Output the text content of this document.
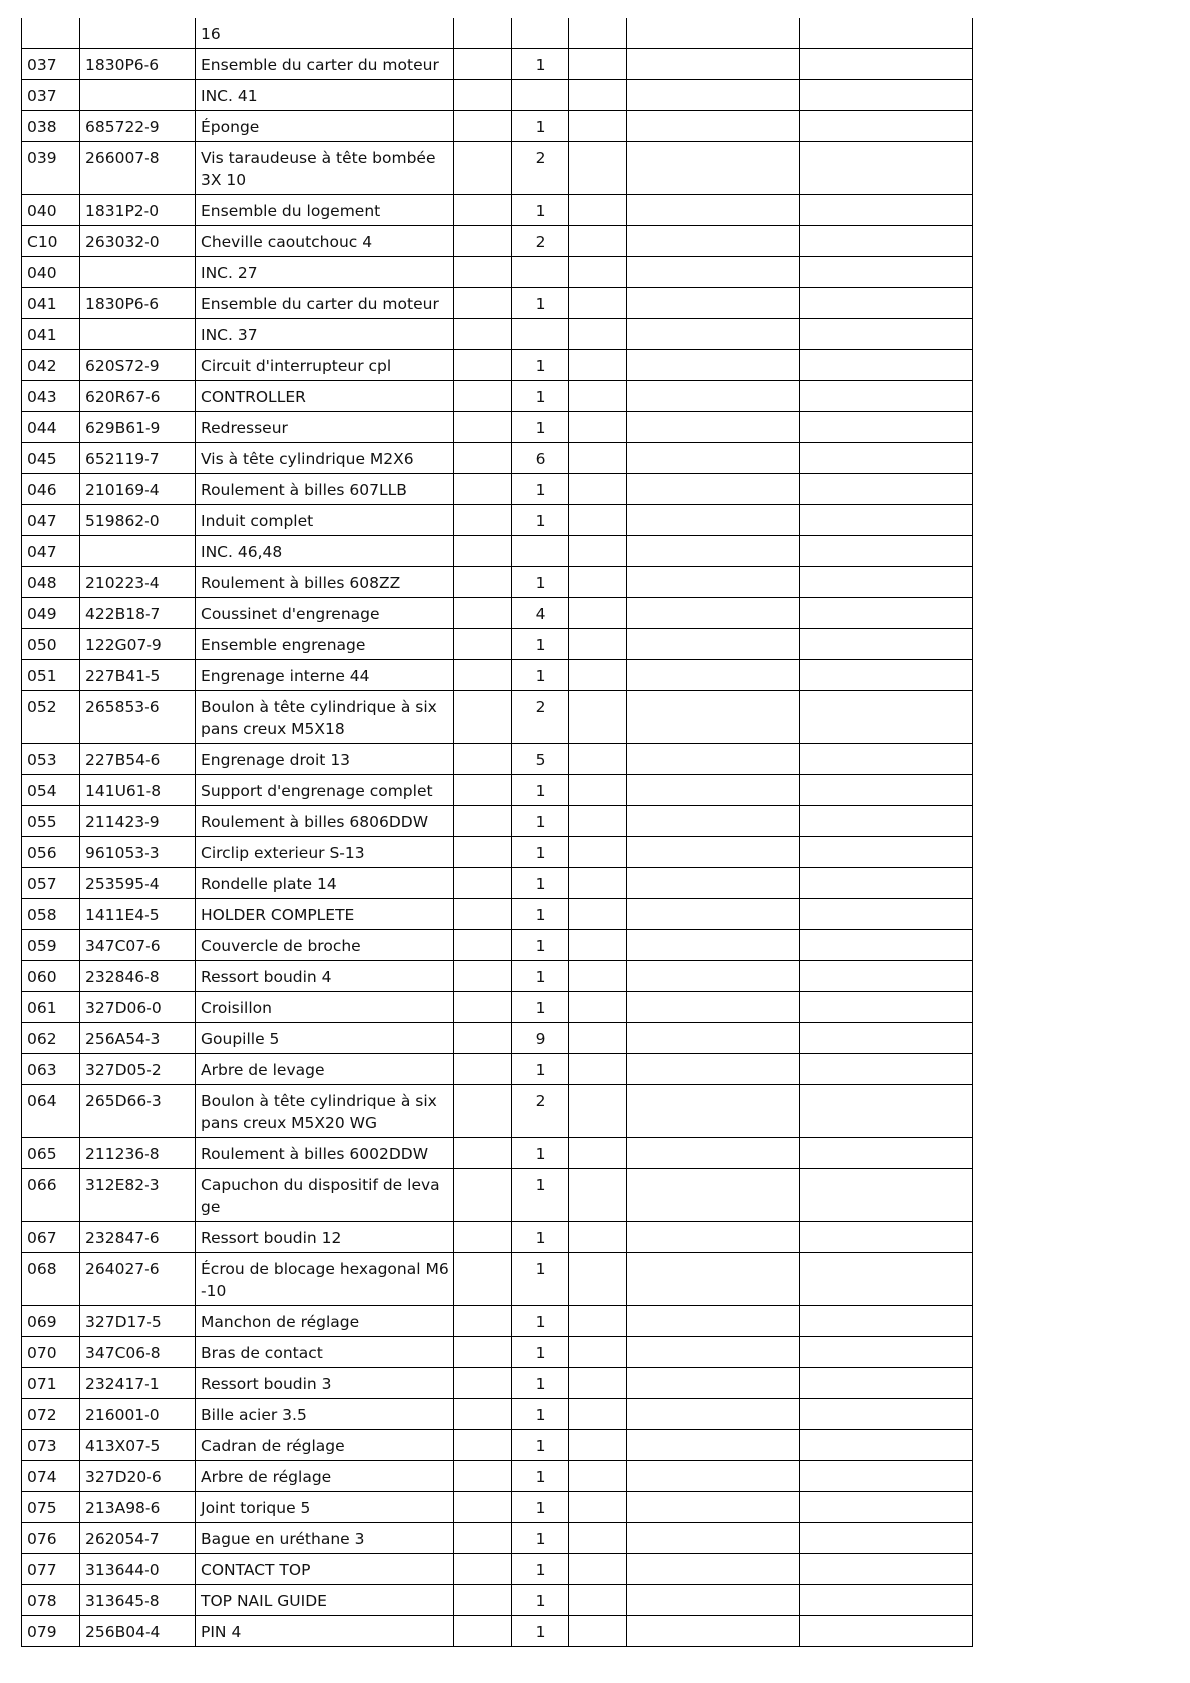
		16					
037	1830P6-6	Ensemble du carter du moteur		1			
037		INC. 41					
038	685722-9	Éponge		1			
039	266007-8	Vis taraudeuse à tête bombée 3X 10		2			
040	1831P2-0	Ensemble du logement		1			
C10	263032-0	Cheville caoutchouc 4		2			
040		INC. 27					
041	1830P6-6	Ensemble du carter du moteur		1			
041		INC. 37					
042	620S72-9	Circuit d'interrupteur cpl		1			
043	620R67-6	CONTROLLER		1			
044	629B61-9	Redresseur		1			
045	652119-7	Vis à tête cylindrique M2X6		6			
046	210169-4	Roulement à billes 607LLB		1			
047	519862-0	Induit complet		1			
047		INC. 46,48					
048	210223-4	Roulement à billes 608ZZ		1			
049	422B18-7	Coussinet d'engrenage		4			
050	122G07-9	Ensemble engrenage		1			
051	227B41-5	Engrenage interne 44		1			
052	265853-6	Boulon à tête cylindrique à six pans creux M5X18		2			
053	227B54-6	Engrenage droit 13		5			
054	141U61-8	Support d'engrenage complet		1			
055	211423-9	Roulement à billes 6806DDW		1			
056	961053-3	Circlip exterieur S-13		1			
057	253595-4	Rondelle plate 14		1			
058	1411E4-5	HOLDER COMPLETE		1			
059	347C07-6	Couvercle de broche		1			
060	232846-8	Ressort boudin 4		1			
061	327D06-0	Croisillon		1			
062	256A54-3	Goupille 5		9			
063	327D05-2	Arbre de levage		1			
064	265D66-3	Boulon à tête cylindrique à six pans creux M5X20 WG		2			
065	211236-8	Roulement à billes 6002DDW		1			
066	312E82-3	Capuchon du dispositif de levage		1			
067	232847-6	Ressort boudin 12		1			
068	264027-6	Écrou de blocage hexagonal M6-10		1			
069	327D17-5	Manchon de réglage		1			
070	347C06-8	Bras de contact		1			
071	232417-1	Ressort boudin 3		1			
072	216001-0	Bille acier 3.5		1			
073	413X07-5	Cadran de réglage		1			
074	327D20-6	Arbre de réglage		1			
075	213A98-6	Joint torique 5		1			
076	262054-7	Bague en uréthane 3		1			
077	313644-0	CONTACT TOP		1			
078	313645-8	TOP NAIL GUIDE		1			
079	256B04-4	PIN 4		1			
